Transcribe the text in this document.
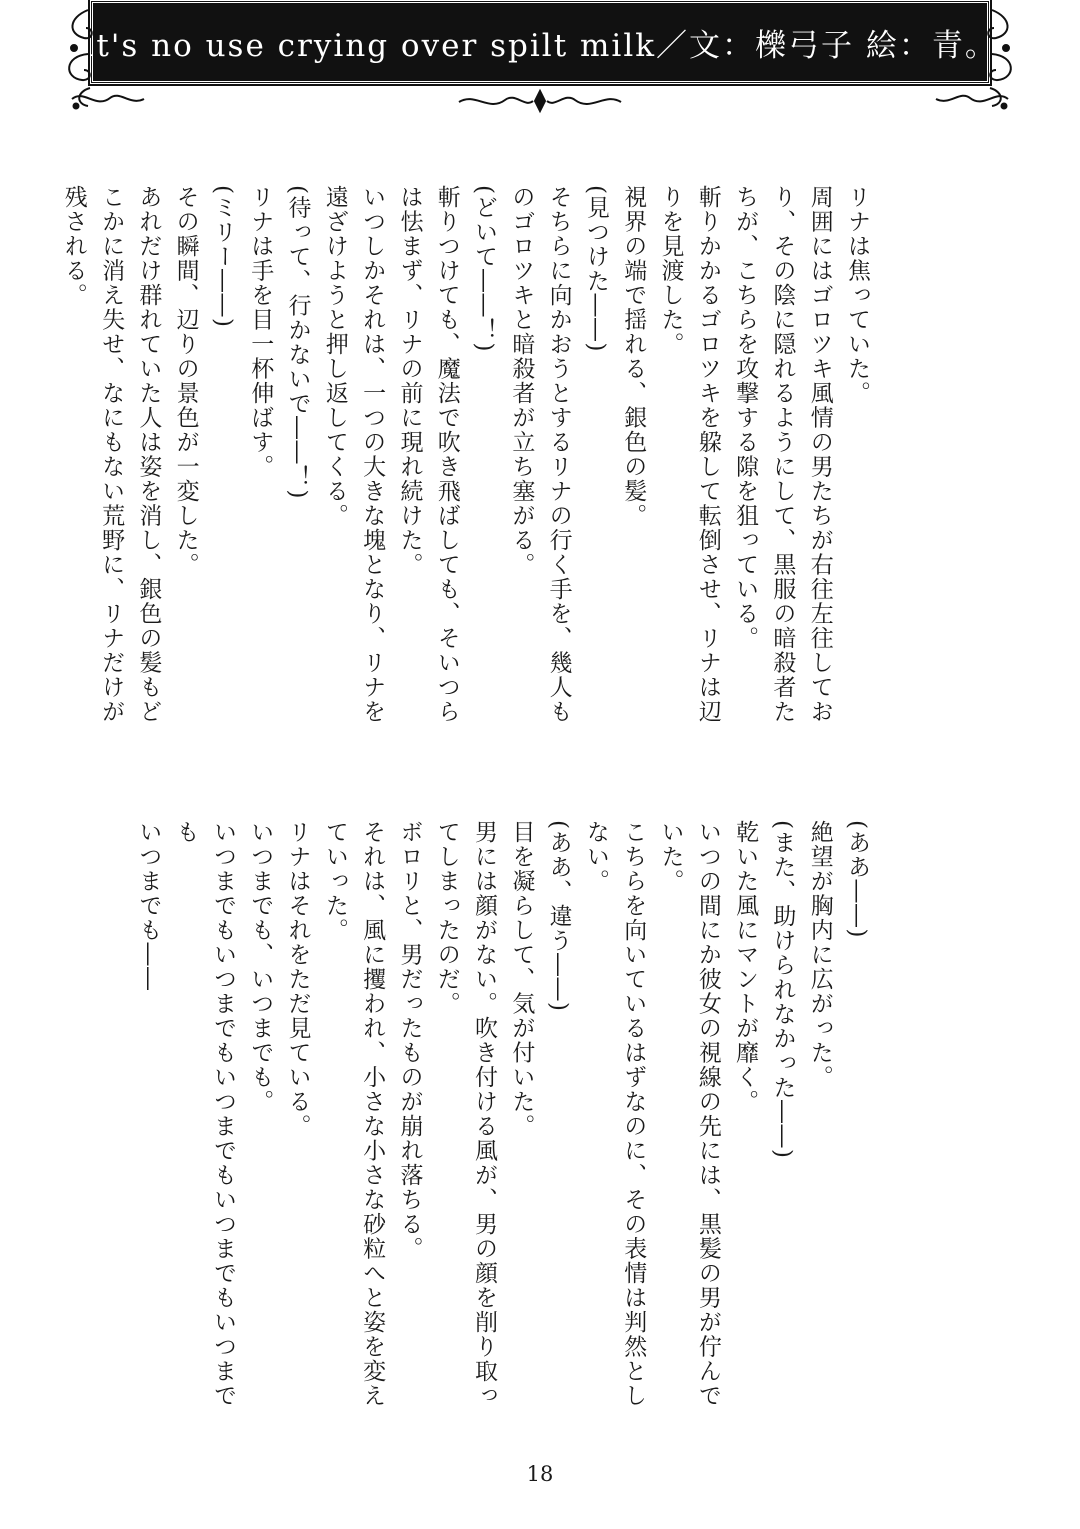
It's no use crying over spilt milk／文：櫟弓子 絵：青。

リナは焦っていた。

周囲にはゴロツキ風情の男たちが右往左往しており、その陰に隠れるようにして、黒服の暗殺者たちが、こちらを攻撃する隙を狙っている。

斬りかかるゴロツキを躱して転倒させ、リナは辺りを見渡した。

視界の端で揺れる、銀色の髪。

(見つけた――)

そちらに向かおうとするリナの行く手を、幾人ものゴロツキと暗殺者が立ち塞がる。

(どいて――！)

斬りつけても、魔法で吹き飛ばしても、そいつらは怯まず、リナの前に現れ続けた。

いつしかそれは、一つの大きな塊となり、リナを遠ざけようと押し返してくる。

(待って、行かないで――！)

リナは手を目一杯伸ばす。

(ミリー――)

その瞬間、辺りの景色が一変した。

あれだけ群れていた人は姿を消し、銀色の髪もどこかに消え失せ、なにもない荒野に、リナだけが残される。

(ああ――)

絶望が胸内に広がった。

(また、助けられなかった――)

乾いた風にマントが靡く。

いつの間にか彼女の視線の先には、黒髪の男が佇んでいた。

こちらを向いているはずなのに、その表情は判然としない。

(ああ、違う――)

目を凝らして、気が付いた。

男には顔がない。吹き付ける風が、男の顔を削り取ってしまったのだ。

ボロリと、男だったものが崩れ落ちる。

それは、風に攫われ、小さな小さな砂粒へと姿を変えていった。

リナはそれをただ見ている。

いつまでも、いつまでも。

いつまでもいつまでもいつまでもいつまでもいつまでも

いつまでも――

18
